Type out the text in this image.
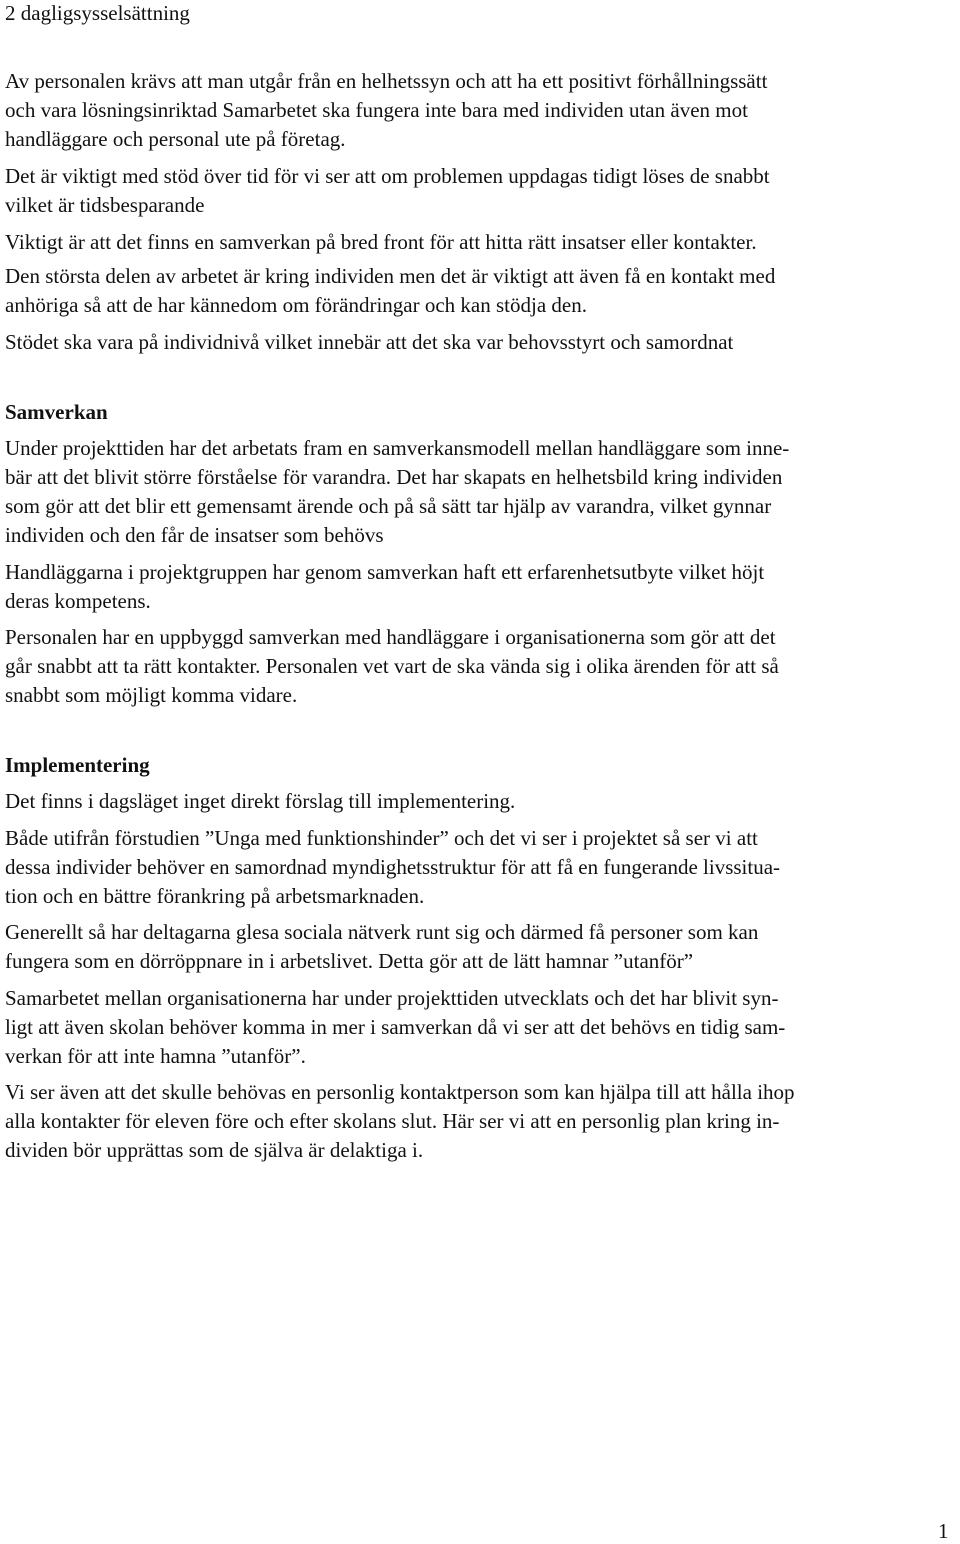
2 dagligsysselsättning
Av personalen krävs att man utgår från en helhetssyn och att ha ett positivt förhållningssätt
och vara lösningsinriktad Samarbetet ska fungera inte bara med individen utan även mot
handläggare och personal ute på företag.
Det är viktigt med stöd över tid för vi ser att om problemen uppdagas tidigt löses de snabbt
vilket är tidsbesparande
Viktigt är att det finns en samverkan på bred front för att hitta rätt insatser eller kontakter.
Den största delen av arbetet är kring individen men det är viktigt att även få en kontakt med
anhöriga så att de har kännedom om förändringar och kan stödja den.
Stödet ska vara på individnivå vilket innebär att det ska var behovsstyrt och samordnat
Samverkan
Under projekttiden har det arbetats fram en samverkansmodell mellan handläggare som inne-
bär att det blivit större förståelse för varandra. Det har skapats en helhetsbild kring individen
som gör att det blir ett gemensamt ärende och på så sätt tar hjälp av varandra, vilket gynnar
individen och den får de insatser som behövs
Handläggarna i projektgruppen har genom samverkan haft ett erfarenhetsutbyte vilket höjt
deras kompetens.
Personalen har en uppbyggd samverkan med handläggare i organisationerna som gör att det
går snabbt att ta rätt kontakter. Personalen vet vart de ska vända sig i olika ärenden för att så
snabbt som möjligt komma vidare.
Implementering
Det finns i dagsläget inget direkt förslag till implementering.
Både utifrån förstudien ”Unga med funktionshinder” och det vi ser i projektet så ser vi att
dessa individer behöver en samordnad myndighetsstruktur för att få en fungerande livssitua-
tion och en bättre förankring på arbetsmarknaden.
Generellt så har deltagarna glesa sociala nätverk runt sig och därmed få personer som kan
fungera som en dörröppnare in i arbetslivet. Detta gör att de lätt hamnar ”utanför”
Samarbetet mellan organisationerna har under projekttiden utvecklats och det har blivit syn-
ligt att även skolan behöver komma in mer i samverkan då vi ser att det behövs en tidig sam-
verkan för att inte hamna ”utanför”.
Vi ser även att det skulle behövas en personlig kontaktperson som kan hjälpa till att hålla ihop
alla kontakter för eleven före och efter skolans slut. Här ser vi att en personlig plan kring in-
dividen bör upprättas som de själva är delaktiga i.
1
